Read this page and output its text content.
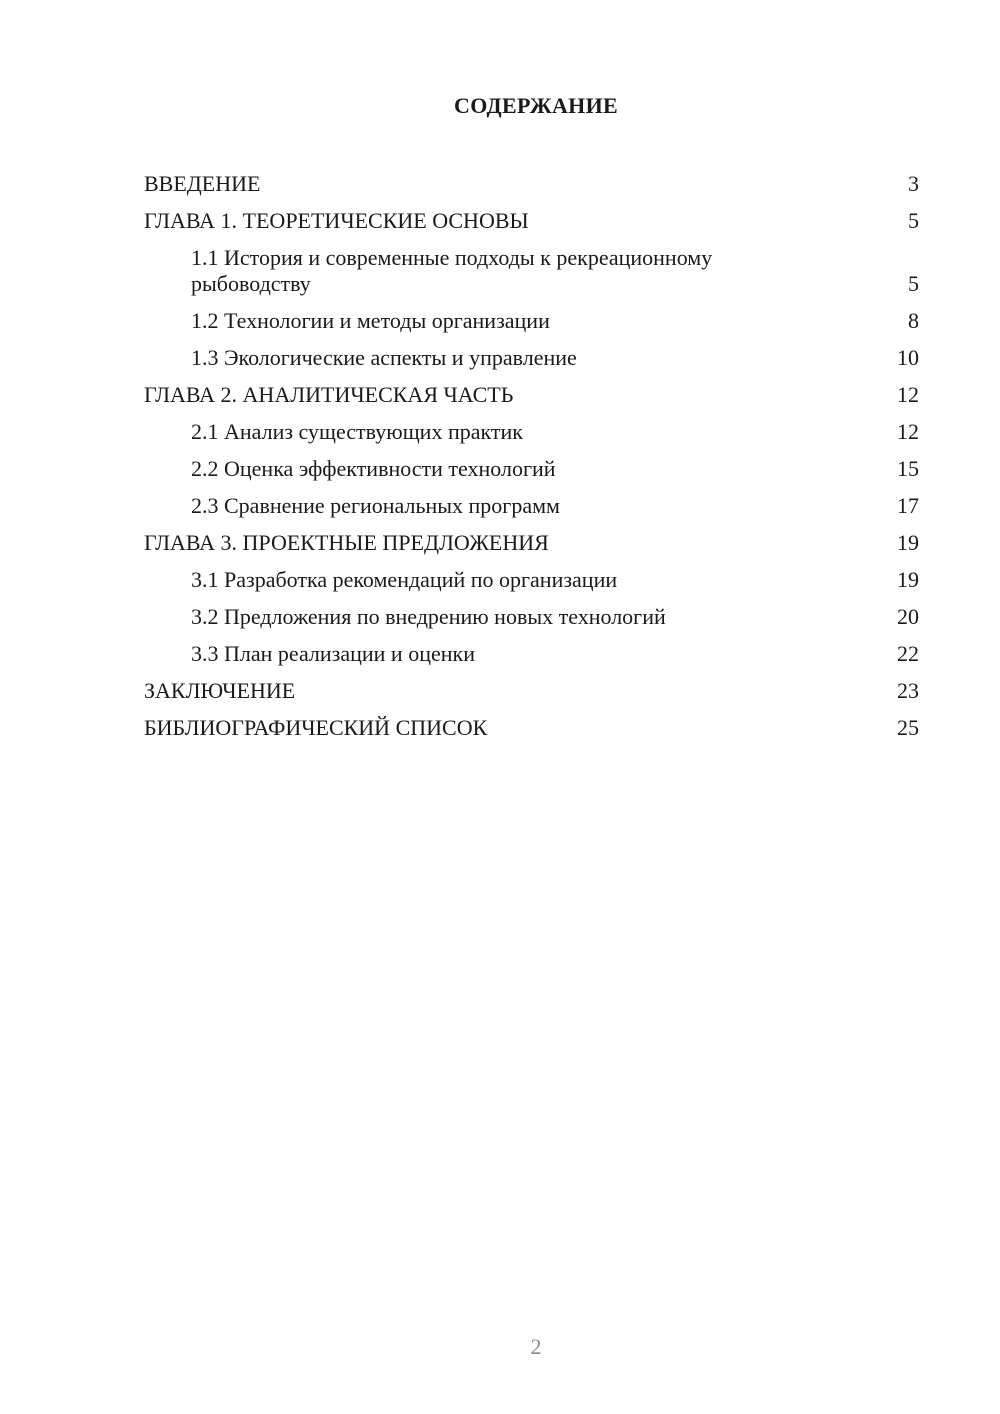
СОДЕРЖАНИЕ
ВВЕДЕНИЕ	3
ГЛАВА 1. ТЕОРЕТИЧЕСКИЕ ОСНОВЫ	5
1.1 История и современные подходы к рекреационному
рыбоводству	5
1.2 Технологии и методы организации	8
1.3 Экологические аспекты и управление	10
ГЛАВА 2. АНАЛИТИЧЕСКАЯ ЧАСТЬ	12
2.1 Анализ существующих практик	12
2.2 Оценка эффективности технологий	15
2.3 Сравнение региональных программ	17
ГЛАВА 3. ПРОЕКТНЫЕ ПРЕДЛОЖЕНИЯ	19
3.1 Разработка рекомендаций по организации	19
3.2 Предложения по внедрению новых технологий	20
3.3 План реализации и оценки	22
ЗАКЛЮЧЕНИЕ	23
БИБЛИОГРАФИЧЕСКИЙ СПИСОК	25

2
